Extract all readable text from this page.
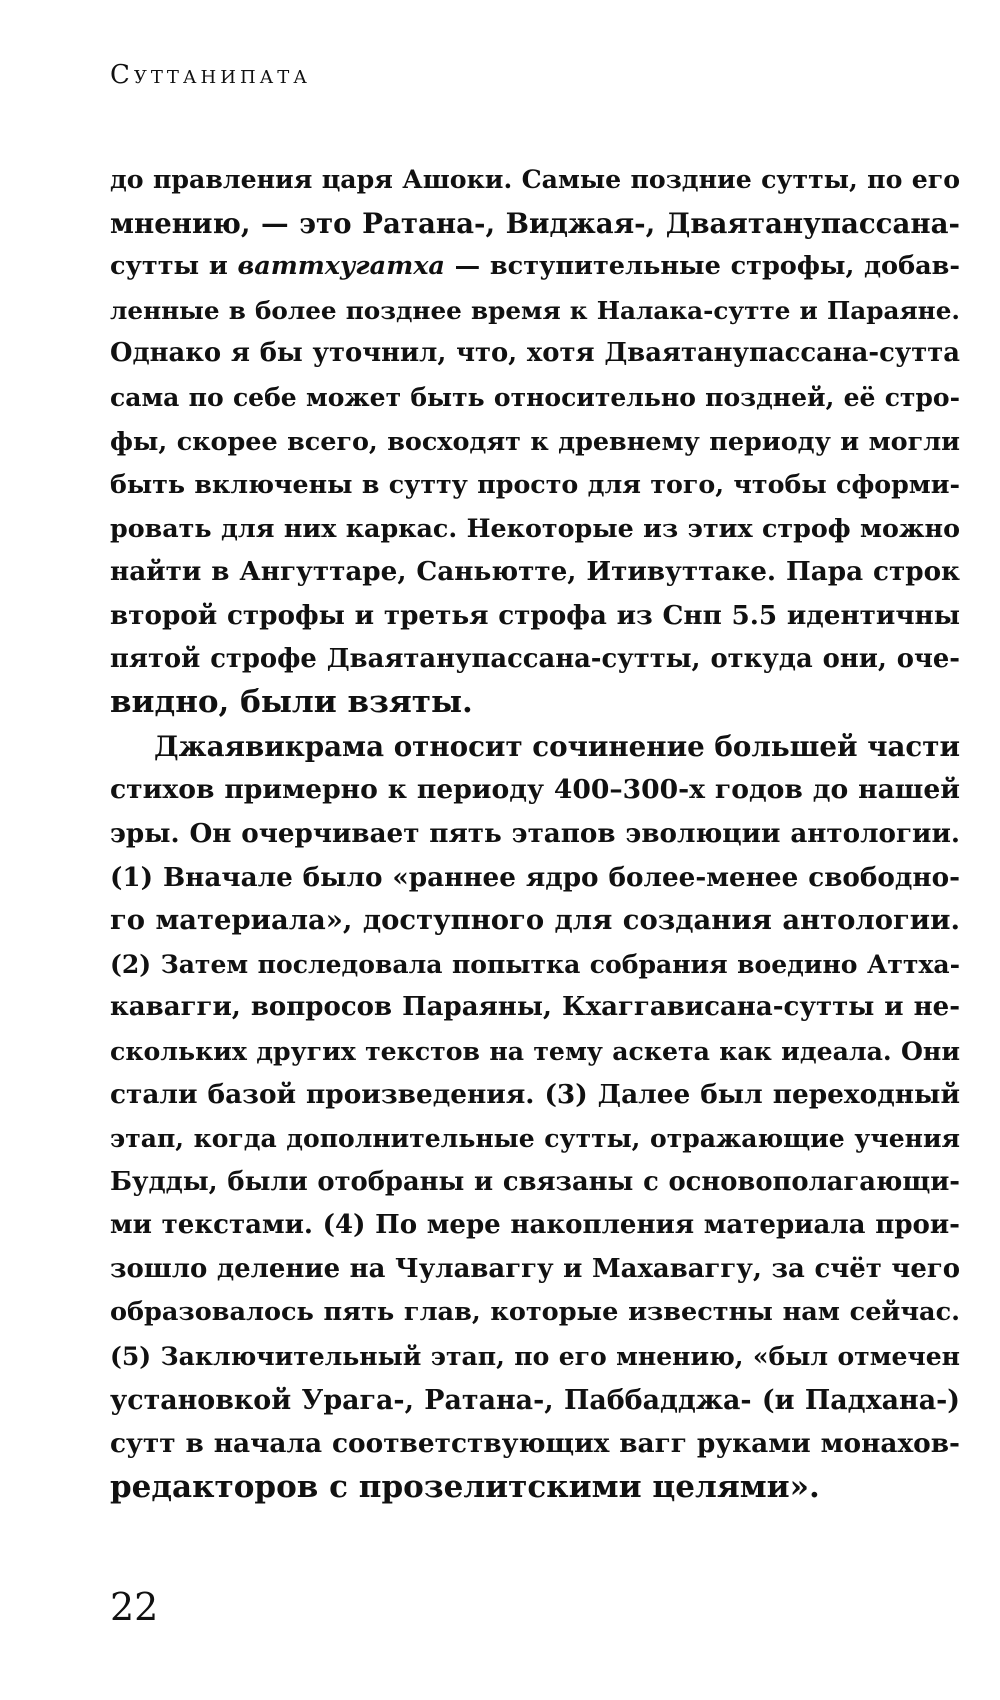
Суттанипата

до правления царя Ашоки. Самые поздние сутты, по его
мнению, — это Ратана-, Виджая-, Дваятанупассана-
сутты и ваттхугатха — вступительные строфы, добав-
ленные в более позднее время к Налака-сутте и Параяне.
Однако я бы уточнил, что, хотя Дваятанупассана-сутта
сама по себе может быть относительно поздней, её стро-
фы, скорее всего, восходят к древнему периоду и могли
быть включены в сутту просто для того, чтобы сформи-
ровать для них каркас. Некоторые из этих строф можно
найти в Ангуттаре, Саньютте, Итивуттаке. Пара строк
второй строфы и третья строфа из Снп 5.5 идентичны
пятой строфе Дваятанупассана-сутты, откуда они, оче-
видно, были взяты.

Джаявикрама относит сочинение большей части
стихов примерно к периоду 400–300-х годов до нашей
эры. Он очерчивает пять этапов эволюции антологии.
(1) Вначале было «раннее ядро более-менее свободно-
го материала», доступного для создания антологии.
(2) Затем последовала попытка собрания воедино Аттха-
кавагги, вопросов Параяны, Кхаггависана-сутты и не-
скольких других текстов на тему аскета как идеала. Они
стали базой произведения. (3) Далее был переходный
этап, когда дополнительные сутты, отражающие учения
Будды, были отобраны и связаны с основополагающи-
ми текстами. (4) По мере накопления материала прои-
зошло деление на Чулавaггу и Махавaггу, за счёт чего
образовалось пять глав, которые известны нам сейчас.
(5) Заключительный этап, по его мнению, «был отмечен
установкой Урага-, Ратана-, Паббадджа- (и Падхана-)
сутт в начала соответствующих вагг руками монахов-
редакторов с прозелитскими целями».

22
